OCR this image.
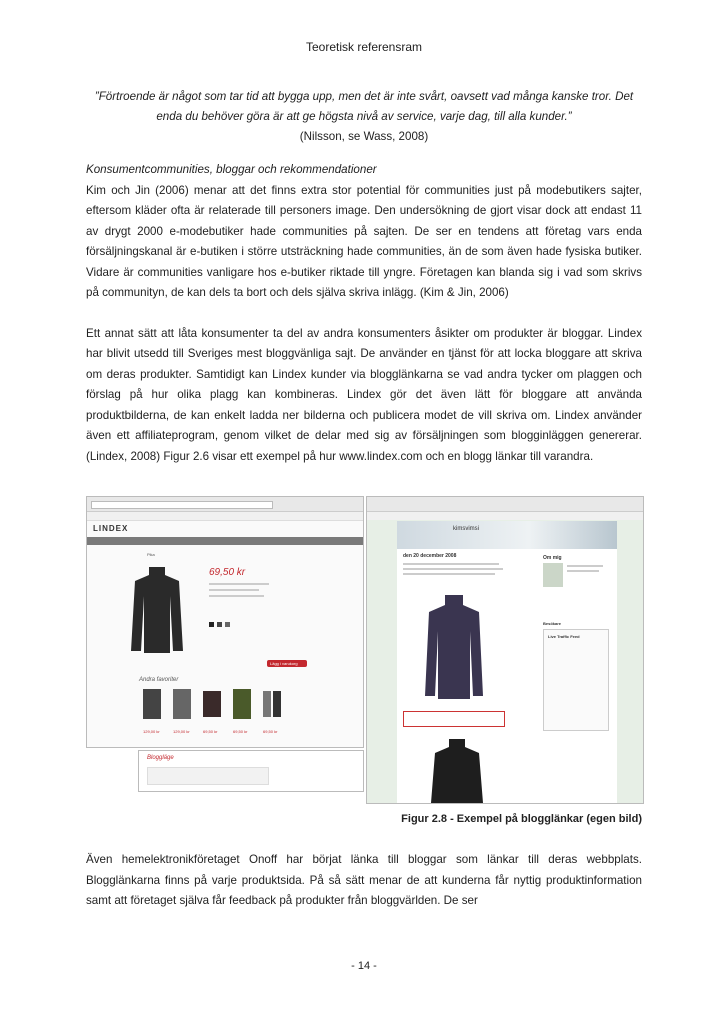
Teoretisk referensram
”Förtroende är något som tar tid att bygga upp, men det är inte svårt, oavsett vad många kanske tror. Det enda du behöver göra är att ge högsta nivå av service, varje dag, till alla kunder.”
(Nilsson, se Wass, 2008)
Konsumentcommunities, bloggar och rekommendationer
Kim och Jin (2006) menar att det finns extra stor potential för communities just på modebutikers sajter, eftersom kläder ofta är relaterade till personers image. Den undersökning de gjort visar dock att endast 11 av drygt 2000 e-modebutiker hade communities på sajten. De ser en tendens att företag vars enda försäljningskanal är e-butiken i större utsträckning hade communities, än de som även hade fysiska butiker. Vidare är communities vanligare hos e-butiker riktade till yngre. Företagen kan blanda sig i vad som skrivs på communityn, de kan dels ta bort och dels själva skriva inlägg. (Kim & Jin, 2006)
Ett annat sätt att låta konsumenter ta del av andra konsumenters åsikter om produkter är bloggar. Lindex har blivit utsedd till Sveriges mest bloggvänliga sajt. De använder en tjänst för att locka bloggare att skriva om deras produkter. Samtidigt kan Lindex kunder via blogglänkarna se vad andra tycker om plaggen och förslag på hur olika plagg kan kombineras. Lindex gör det även lätt för bloggare att använda produktbilderna, de kan enkelt ladda ner bilderna och publicera modet de vill skriva om. Lindex använder även ett affiliateprogram, genom vilket de delar med sig av försäljningen som blogginläggen genererar. (Lindex, 2008) Figur 2.6 visar ett exempel på hur www.lindex.com och en blogg länkar till varandra.
LINDEX
Pika
69,50 kr
Lägg i varukorg
Andra favoriter
129,00 kr	129,00 kr	69,50 kr	69,50 kr	69,50 kr
Bloggläge
kimsvimsi
den 20 december 2008	Om mig
Besökare
Live Traffic Feed
Figur 2.8 - Exempel på blogglänkar (egen bild)
Även hemelektronikföretaget Onoff har börjat länka till bloggar som länkar till deras webbplats. Blogglänkarna finns på varje produktsida. På så sätt menar de att kunderna får nyttig produktinformation samt att företaget själva får feedback på produkter från bloggvärlden. De ser
- 14 -
